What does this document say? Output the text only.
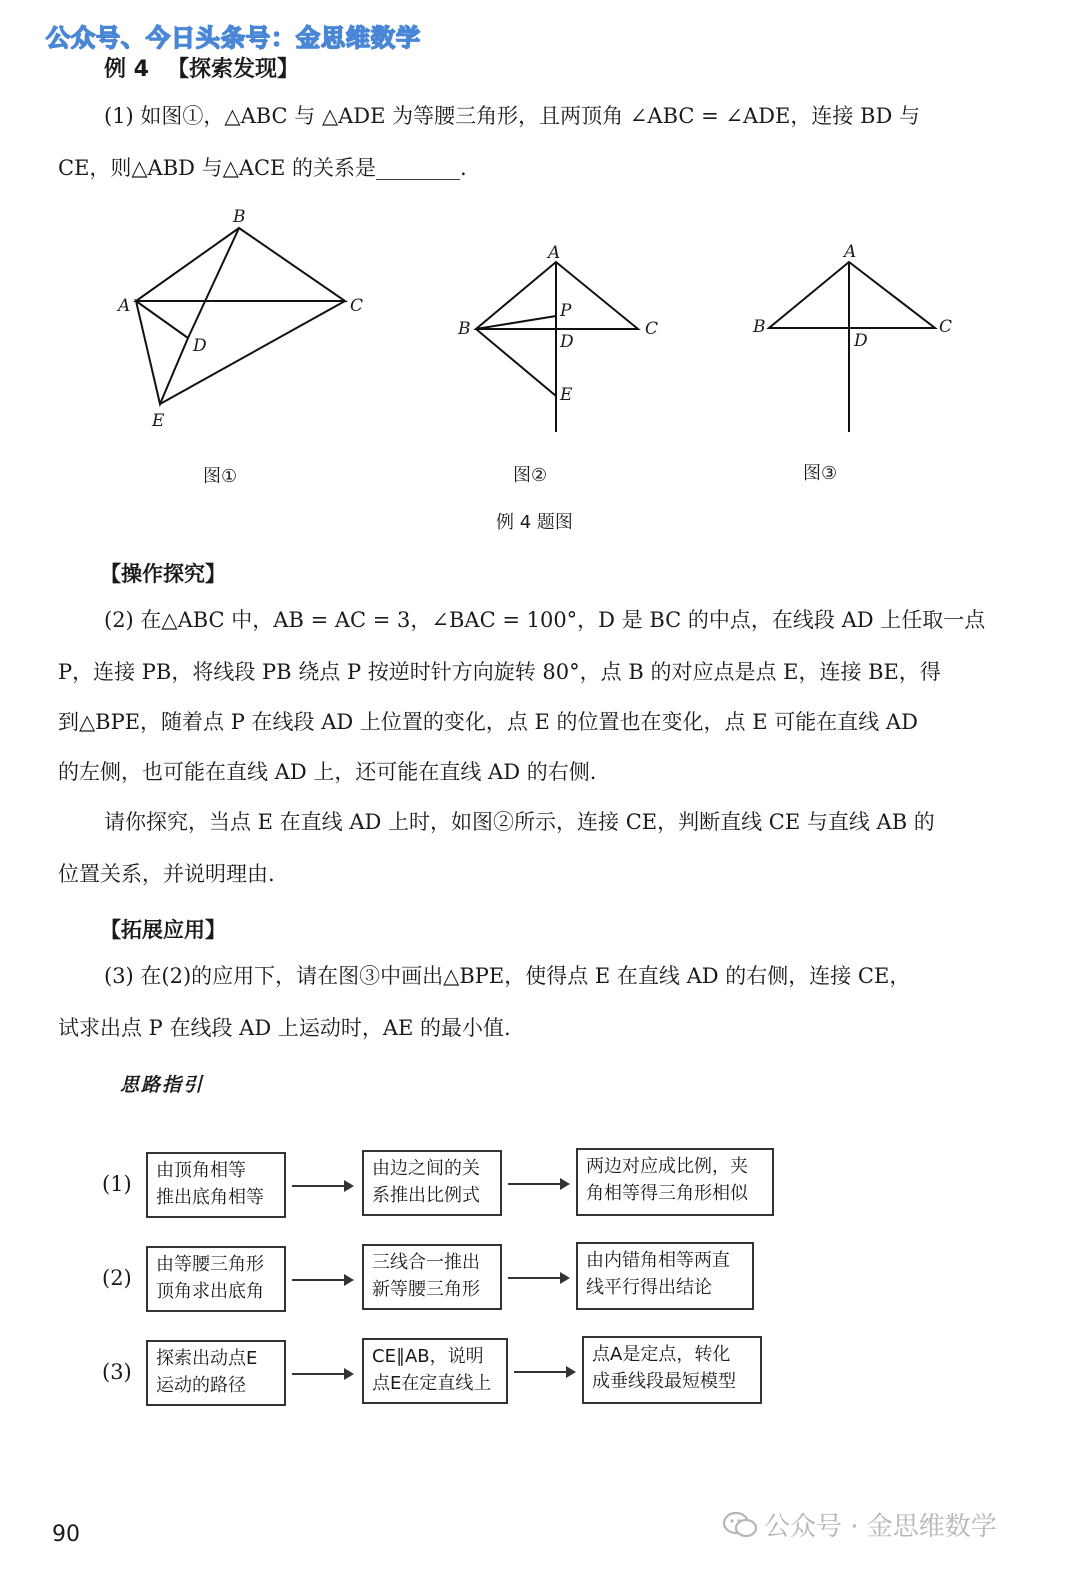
公众号、今日头条号：金思维数学
例 4 【探索发现】
(1) 如图①，△ABC 与 △ADE 为等腰三角形，且两顶角 ∠ABC = ∠ADE，连接 BD 与
CE，则△ABD 与△ACE 的关系是________.
A
B
C
D
E
图①
A
B	C
P
D
E
图②
A
B	C
D
图③
例 4 题图
【操作探究】
(2) 在△ABC 中，AB = AC = 3，∠BAC = 100°，D 是 BC 的中点，在线段 AD 上任取一点
P，连接 PB，将线段 PB 绕点 P 按逆时针方向旋转 80°，点 B 的对应点是点 E，连接 BE，得
到△BPE，随着点 P 在线段 AD 上位置的变化，点 E 的位置也在变化，点 E 可能在直线 AD
的左侧，也可能在直线 AD 上，还可能在直线 AD 的右侧.
请你探究，当点 E 在直线 AD 上时，如图②所示，连接 CE，判断直线 CE 与直线 AB 的
位置关系，并说明理由.
【拓展应用】
(3) 在(2)的应用下，请在图③中画出△BPE，使得点 E 在直线 AD 的右侧，连接 CE，
试求出点 P 在线段 AD 上运动时，AE 的最小值.
思路指引
(1)
由顶角相等
推出底角相等
由边之间的关
系推出比例式
两边对应成比例，夹
角相等得三角形相似
(2)
由等腰三角形
顶角求出底角
三线合一推出
新等腰三角形
由内错角相等两直
线平行得出结论
(3)
探索出动点E
运动的路径
CE∥AB，说明
点E在定直线上
点A是定点，转化
成垂线段最短模型
90	公众号 · 金思维数学
